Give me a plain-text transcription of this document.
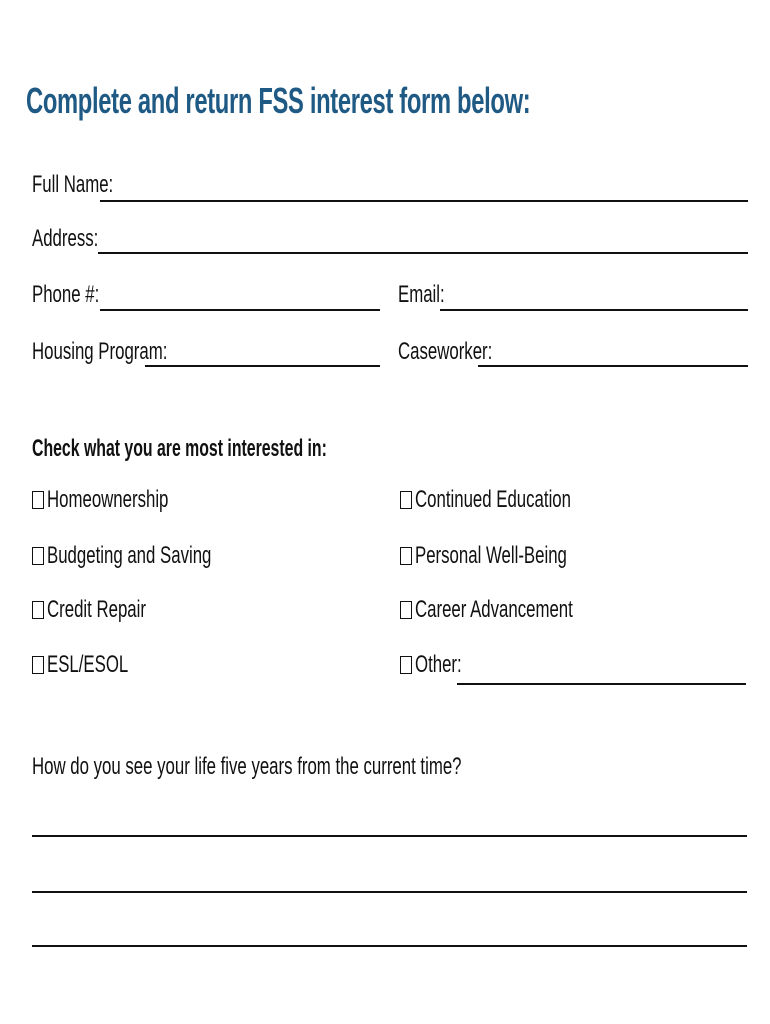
Complete and return FSS interest form below:
Full Name:
Address:
Phone #:	Email:
Housing Program:	Caseworker:
Check what you are most interested in:
Homeownership
Budgeting and Saving
Credit Repair
ESL/ESOL
Continued Education
Personal Well-Being
Career Advancement
Other:
How do you see your life five years from the current time?
